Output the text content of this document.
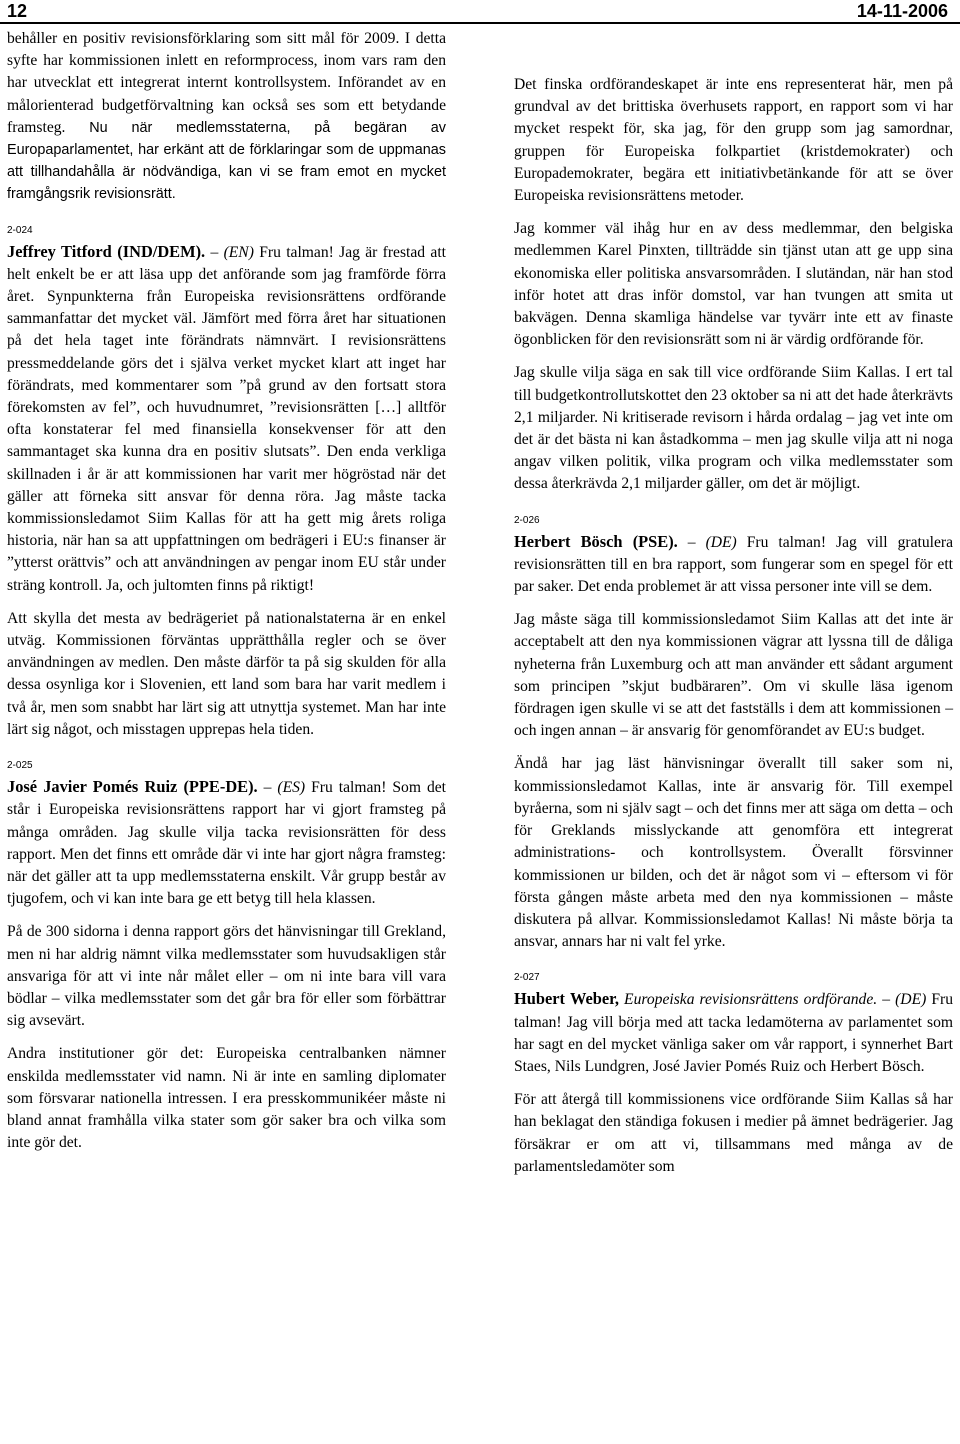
12	14-11-2006

behåller en positiv revisionsförklaring som sitt mål för 2009. I detta syfte har kommissionen inlett en reformprocess, inom vars ram den har utvecklat ett integrerat internt kontrollsystem. Införandet av en målorienterad budgetförvaltning kan också ses som ett betydande framsteg. Nu när medlemsstaterna, på begäran av Europaparlamentet, har erkänt att de förklaringar som de uppmanas att tillhandahålla är nödvändiga, kan vi se fram emot en mycket framgångsrik revisionsrätt.

2-024

Jeffrey Titford (IND/DEM). – (EN) Fru talman! Jag är frestad att helt enkelt be er att läsa upp det anförande som jag framförde förra året. Synpunkterna från Europeiska revisionsrättens ordförande sammanfattar det mycket väl. Jämfört med förra året har situationen på det hela taget inte förändrats nämnvärt. I revisionsrättens pressmeddelande görs det i själva verket mycket klart att inget har förändrats, med kommentarer som ”på grund av den fortsatt stora förekomsten av fel”, och huvudnumret, ”revisionsrätten […] alltför ofta konstaterar fel med finansiella konsekvenser för att den sammantaget ska kunna dra en positiv slutsats”. Den enda verkliga skillnaden i år är att kommissionen har varit mer högröstad när det gäller att förneka sitt ansvar för denna röra. Jag måste tacka kommissionsledamot Siim Kallas för att ha gett mig årets roliga historia, när han sa att uppfattningen om bedrägeri i EU:s finanser är ”ytterst orättvis” och att användningen av pengar inom EU står under sträng kontroll. Ja, och jultomten finns på riktigt!

Att skylla det mesta av bedrägeriet på nationalstaterna är en enkel utväg. Kommissionen förväntas upprätthålla regler och se över användningen av medlen. Den måste därför ta på sig skulden för alla dessa osynliga kor i Slovenien, ett land som bara har varit medlem i två år, men som snabbt har lärt sig att utnyttja systemet. Man har inte lärt sig något, och misstagen upprepas hela tiden.

2-025

José Javier Pomés Ruiz (PPE-DE). – (ES) Fru talman! Som det står i Europeiska revisionsrättens rapport har vi gjort framsteg på många områden. Jag skulle vilja tacka revisionsrätten för dess rapport. Men det finns ett område där vi inte har gjort några framsteg: när det gäller att ta upp medlemsstaterna enskilt. Vår grupp består av tjugofem, och vi kan inte bara ge ett betyg till hela klassen.

På de 300 sidorna i denna rapport görs det hänvisningar till Grekland, men ni har aldrig nämnt vilka medlemsstater som huvudsakligen står ansvariga för att vi inte når målet eller – om ni inte bara vill vara bödlar – vilka medlemsstater som det går bra för eller som förbättrar sig avsevärt.

Andra institutioner gör det: Europeiska centralbanken nämner enskilda medlemsstater vid namn. Ni är inte en samling diplomater som försvarar nationella intressen. I era presskommunikéer måste ni bland annat framhålla vilka stater som gör saker bra och vilka som inte gör det.

Det finska ordförandeskapet är inte ens representerat här, men på grundval av det brittiska överhusets rapport, en rapport som vi har mycket respekt för, ska jag, för den grupp som jag samordnar, gruppen för Europeiska folkpartiet (kristdemokrater) och Europademokrater, begära ett initiativbetänkande för att se över Europeiska revisionsrättens metoder.

Jag kommer väl ihåg hur en av dess medlemmar, den belgiska medlemmen Karel Pinxten, tillträdde sin tjänst utan att ge upp sina ekonomiska eller politiska ansvarsområden. I slutändan, när han stod inför hotet att dras inför domstol, var han tvungen att smita ut bakvägen. Denna skamliga händelse var tyvärr inte ett av finaste ögonblicken för den revisionsrätt som ni är värdig ordförande för.

Jag skulle vilja säga en sak till vice ordförande Siim Kallas. I ert tal till budgetkontrollutskottet den 23 oktober sa ni att det hade återkrävts 2,1 miljarder. Ni kritiserade revisorn i hårda ordalag – jag vet inte om det är det bästa ni kan åstadkomma – men jag skulle vilja att ni noga angav vilken politik, vilka program och vilka medlemsstater som dessa återkrävda 2,1 miljarder gäller, om det är möjligt.

2-026

Herbert Bösch (PSE). – (DE) Fru talman! Jag vill gratulera revisionsrätten till en bra rapport, som fungerar som en spegel för ett par saker. Det enda problemet är att vissa personer inte vill se dem.

Jag måste säga till kommissionsledamot Siim Kallas att det inte är acceptabelt att den nya kommissionen vägrar att lyssna till de dåliga nyheterna från Luxemburg och att man använder ett sådant argument som principen ”skjut budbäraren”. Om vi skulle läsa igenom fördragen igen skulle vi se att det fastställs i dem att kommissionen – och ingen annan – är ansvarig för genomförandet av EU:s budget.

Ändå har jag läst hänvisningar överallt till saker som ni, kommissionsledamot Kallas, inte är ansvarig för. Till exempel byråerna, som ni själv sagt – och det finns mer att säga om detta – och för Greklands misslyckande att genomföra ett integrerat administrations- och kontrollsystem. Överallt försvinner kommissionen ur bilden, och det är något som vi – eftersom vi för första gången måste arbeta med den nya kommissionen – måste diskutera på allvar. Kommissionsledamot Kallas! Ni måste börja ta ansvar, annars har ni valt fel yrke.

2-027

Hubert Weber, Europeiska revisionsrättens ordförande. – (DE) Fru talman! Jag vill börja med att tacka ledamöterna av parlamentet som har sagt en del mycket vänliga saker om vår rapport, i synnerhet Bart Staes, Nils Lundgren, José Javier Pomés Ruiz och Herbert Bösch.

För att återgå till kommissionens vice ordförande Siim Kallas så har han beklagat den ständiga fokusen i medier på ämnet bedrägerier. Jag försäkrar er om att vi, tillsammans med många av de parlamentsledamöter som
